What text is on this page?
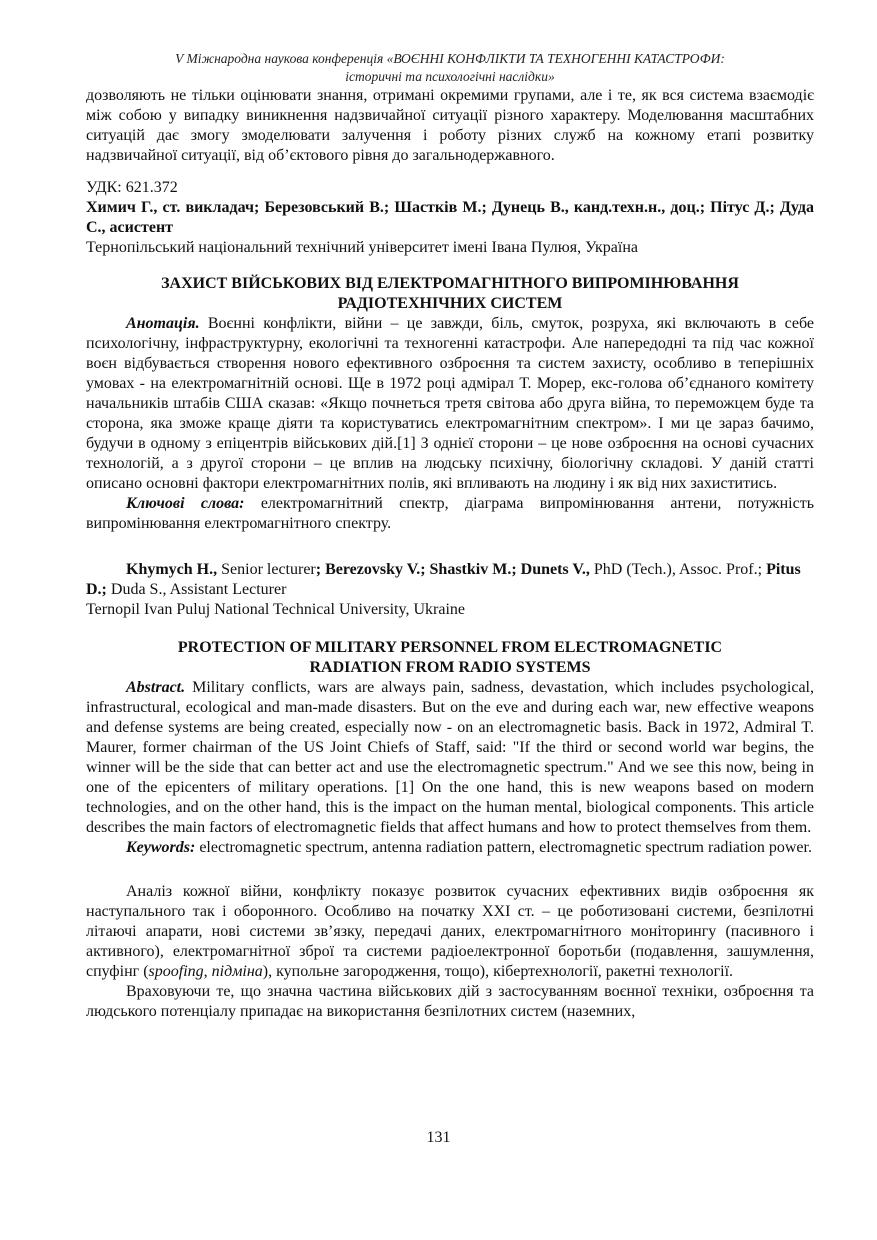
V Міжнародна наукова конференція «ВОЄННІ КОНФЛІКТИ ТА ТЕХНОГЕННІ КАТАСТРОФИ:
історичні та психологічні наслідки»

дозволяють не тільки оцінювати знання, отримані окремими групами, але і те, як вся система взаємодіє між собою у випадку виникнення надзвичайної ситуації різного характеру. Моделювання масштабних ситуацій дає змогу змоделювати залучення і роботу різних служб на кожному етапі розвитку надзвичайної ситуації, від об’єктового рівня до загальнодержавного.

УДК: 621.372
Химич Г., ст. викладач; Березовський В.; Шастків М.; Дунець В., канд.техн.н., доц.; Пітус Д.; Дуда С., асистент
Тернопільський національний технічний університет імені Івана Пулюя, Україна
ЗАХИСТ ВІЙСЬКОВИХ ВІД ЕЛЕКТРОМАГНІТНОГО ВИПРОМІНЮВАННЯ
РАДІОТЕХНІЧНИХ СИСТЕМ

Анотація. Воєнні конфлікти, війни – це завжди, біль, смуток, розруха, які включають в себе психологічну, інфраструктурну, екологічні та техногенні катастрофи. Але напередодні та під час кожної воєн відбувається створення нового ефективного озброєння та систем захисту, особливо в теперішніх умовах - на електромагнітній основі. Ще в 1972 році адмірал Т. Морер, екс-голова об’єднаного комітету начальників штабів США сказав: «Якщо почнеться третя світова або друга війна, то переможцем буде та сторона, яка зможе краще діяти та користуватись електромагнітним спектром». І ми це зараз бачимо, будучи в одному з епіцентрів військових дій.[1] З однієї сторони – це нове озброєння на основі сучасних технологій, а з другої сторони – це вплив на людську психічну, біологічну складові. У даній статті описано основні фактори електромагнітних полів, які впливають на людину і як від них захиститись.

Ключові слова: електромагнітний спектр, діаграма випромінювання антени, потужність випромінювання електромагнітного спектру.

Khymych H., Senior lecturer; Berezovsky V.; Shastkiv M.; Dunets V., PhD (Tech.), Assoc. Prof.; Pitus D.; Duda S., Assistant Lecturer
Ternopil Ivan Puluj National Technical University, Ukraine
PROTECTION OF MILITARY PERSONNEL FROM ELECTROMAGNETIC
RADIATION FROM RADIO SYSTEMS

Abstract. Military conflicts, wars are always pain, sadness, devastation, which includes psychological, infrastructural, ecological and man-made disasters. But on the eve and during each war, new effective weapons and defense systems are being created, especially now - on an electromagnetic basis. Back in 1972, Admiral T. Maurer, former chairman of the US Joint Chiefs of Staff, said: "If the third or second world war begins, the winner will be the side that can better act and use the electromagnetic spectrum." And we see this now, being in one of the epicenters of military operations. [1] On the one hand, this is new weapons based on modern technologies, and on the other hand, this is the impact on the human mental, biological components. This article describes the main factors of electromagnetic fields that affect humans and how to protect themselves from them.

Keywords: electromagnetic spectrum, antenna radiation pattern, electromagnetic spectrum radiation power.

Аналіз кожної війни, конфлікту показує розвиток сучасних ефективних видів озброєння як наступального так і оборонного. Особливо на початку XXI ст. – це роботизовані системи, безпілотні літаючі апарати, нові системи зв’язку, передачі даних, електромагнітного моніторингу (пасивного і активного), електромагнітної зброї та системи радіоелектронної боротьби (подавлення, зашумлення, спуфінг (spoofing, підміна), купольне загородження, тощо), кібертехнології, ракетні технології.

Враховуючи те, що значна частина військових дій з застосуванням воєнної техніки, озброєння та людського потенціалу припадає на використання безпілотних систем (наземних,

131
